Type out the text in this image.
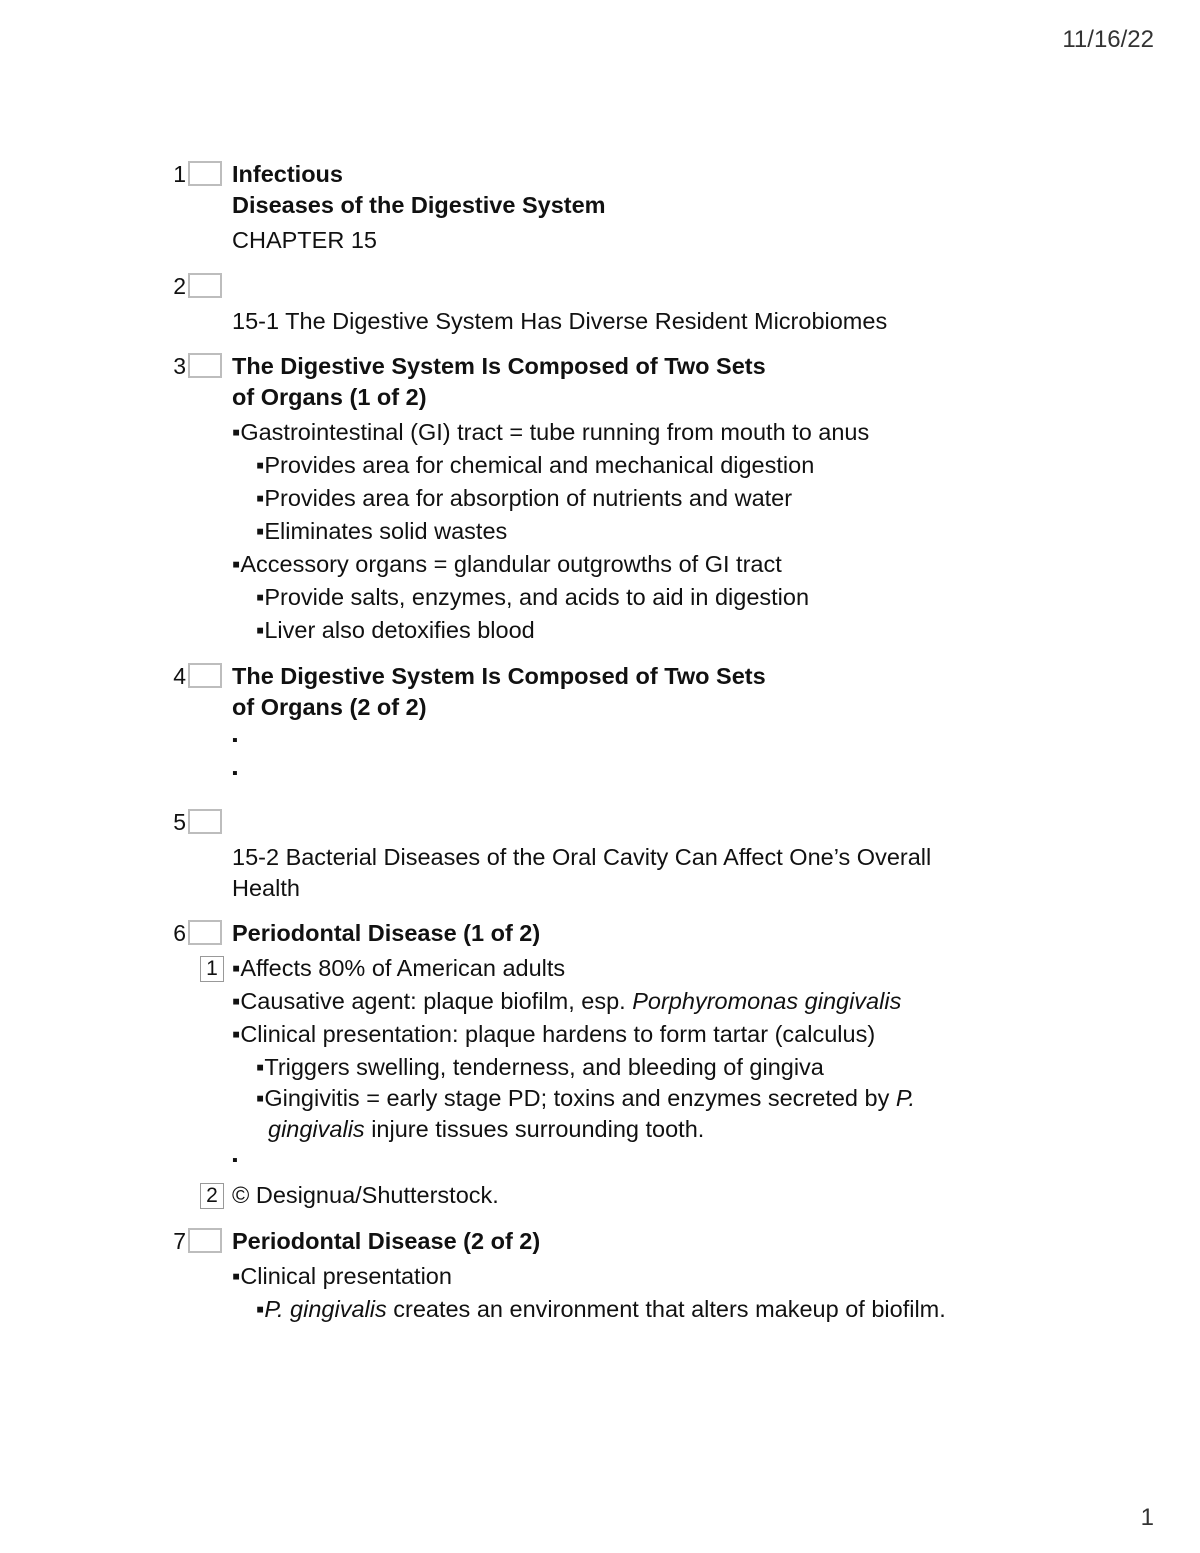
11/16/22
1 Infectious
Diseases of the Digestive System
CHAPTER 15
2
15-1 The Digestive System Has Diverse Resident Microbiomes
3 The Digestive System Is Composed of Two Sets
of Organs (1 of 2)
▪Gastrointestinal (GI) tract = tube running from mouth to anus
▪Provides area for chemical and mechanical digestion
▪Provides area for absorption of nutrients and water
▪Eliminates solid wastes
▪Accessory organs = glandular outgrowths of GI tract
▪Provide salts, enzymes, and acids to aid in digestion
▪Liver also detoxifies blood
4 The Digestive System Is Composed of Two Sets
of Organs (2 of 2)
▪
▪
5
15-2 Bacterial Diseases of the Oral Cavity Can Affect One’s Overall
Health
6 Periodontal Disease (1 of 2)
▪Affects 80% of American adults
▪Causative agent: plaque biofilm, esp. Porphyromonas gingivalis
▪Clinical presentation: plaque hardens to form tartar (calculus)
▪Triggers swelling, tenderness, and bleeding of gingiva
▪Gingivitis = early stage PD; toxins and enzymes secreted by P.
gingivalis injure tissues surrounding tooth.
▪
1
2 © Designua/Shutterstock.
7 Periodontal Disease (2 of 2)
▪Clinical presentation
▪P. gingivalis creates an environment that alters makeup of biofilm.
1
